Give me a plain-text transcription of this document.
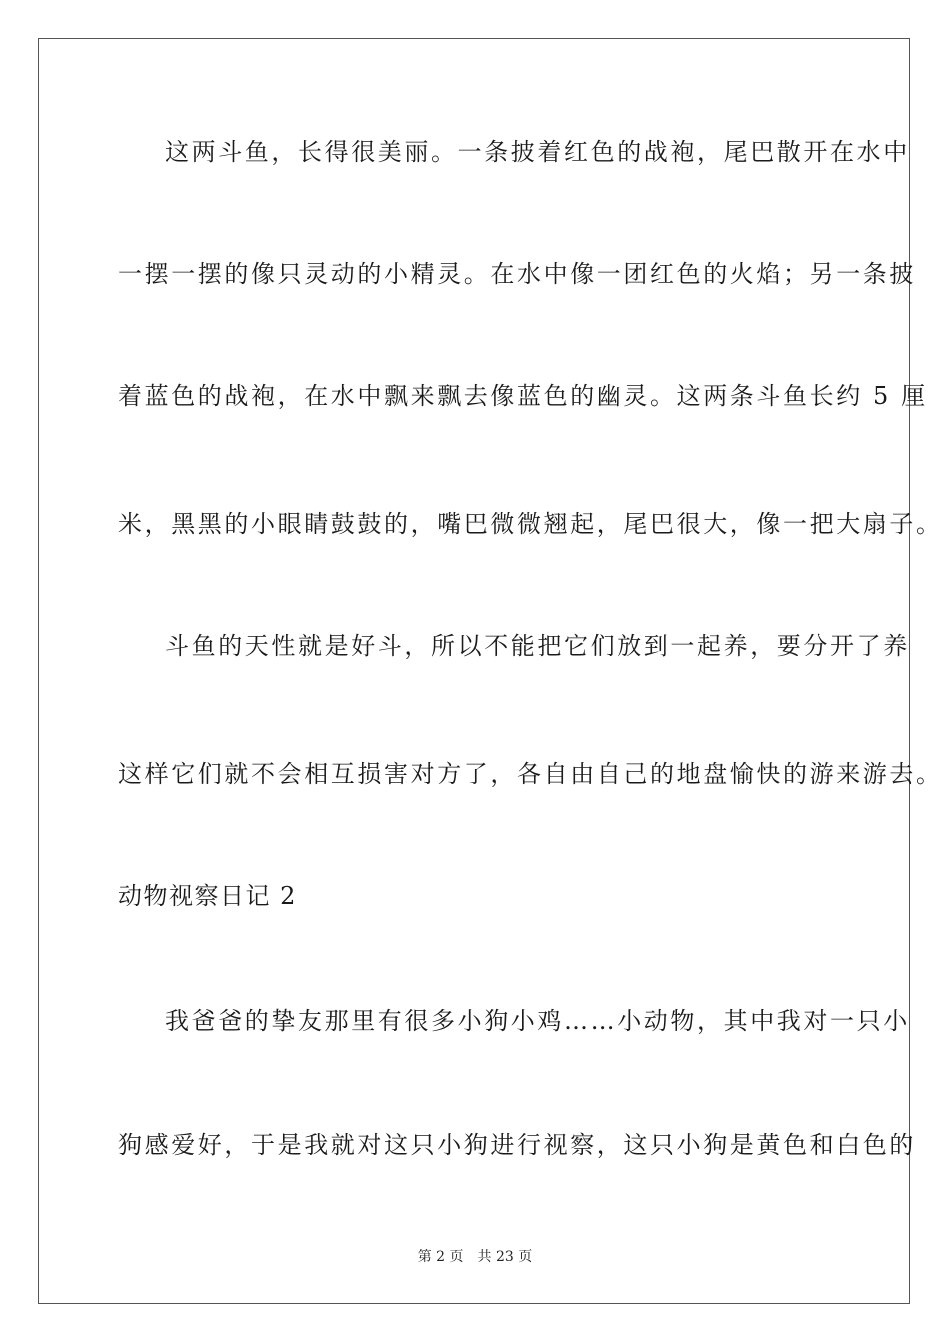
这两斗鱼，长得很美丽。一条披着红色的战袍，尾巴散开在水中
一摆一摆的像只灵动的小精灵。在水中像一团红色的火焰；另一条披
着蓝色的战袍，在水中飘来飘去像蓝色的幽灵。这两条斗鱼长约 5 厘
米，黑黑的小眼睛鼓鼓的，嘴巴微微翘起，尾巴很大，像一把大扇子。
斗鱼的天性就是好斗，所以不能把它们放到一起养，要分开了养
这样它们就不会相互损害对方了，各自由自己的地盘愉快的游来游去。
动物视察日记 2
我爸爸的挚友那里有很多小狗小鸡……小动物，其中我对一只小
狗感爱好，于是我就对这只小狗进行视察，这只小狗是黄色和白色的
第 2 页 共 23 页
